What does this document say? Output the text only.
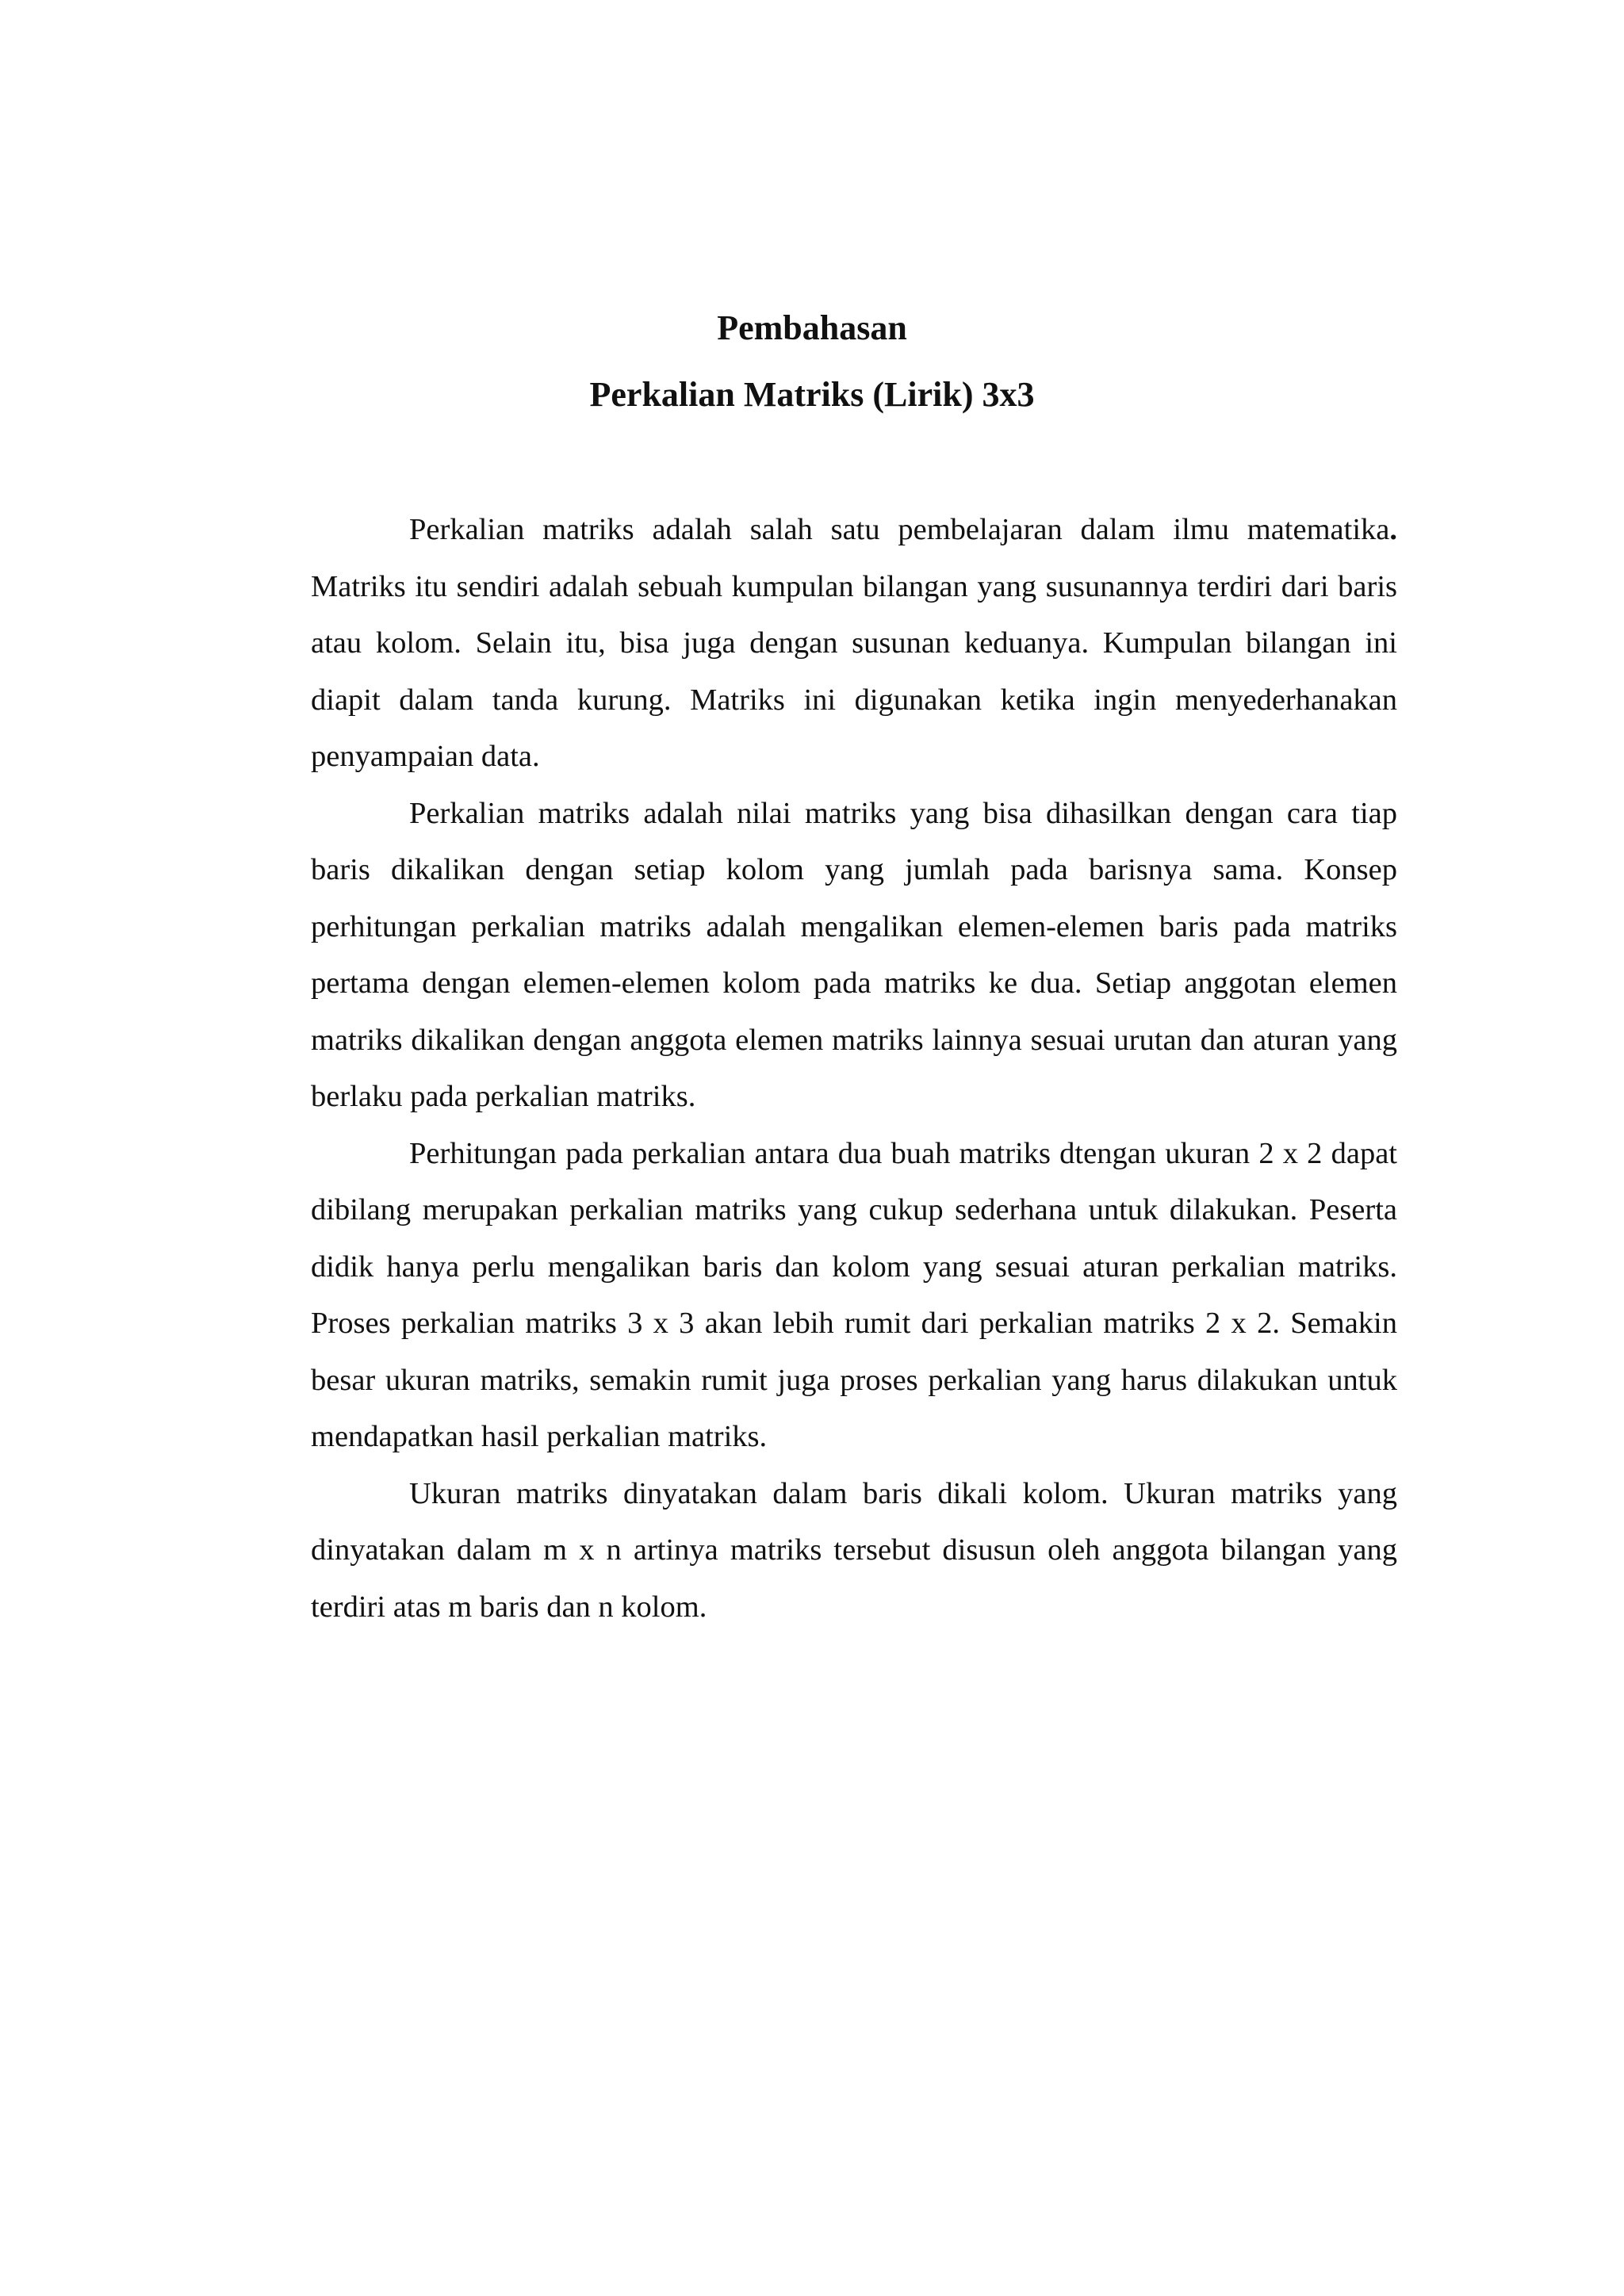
Pembahasan
Perkalian Matriks (Lirik) 3x3

Perkalian matriks adalah salah satu pembelajaran dalam ilmu matematika. Matriks itu sendiri adalah sebuah kumpulan bilangan yang susunannya terdiri dari baris atau kolom. Selain itu, bisa juga dengan susunan keduanya. Kumpulan bilangan ini diapit dalam tanda kurung. Matriks ini digunakan ketika ingin menyederhanakan penyampaian data.

Perkalian matriks adalah nilai matriks yang bisa dihasilkan dengan cara tiap baris dikalikan dengan setiap kolom yang jumlah pada barisnya sama. Konsep perhitungan perkalian matriks adalah mengalikan elemen-elemen baris pada matriks pertama dengan elemen-elemen kolom pada matriks ke dua. Setiap anggotan elemen matriks dikalikan dengan anggota elemen matriks lainnya sesuai urutan dan aturan yang berlaku pada perkalian matriks.

Perhitungan pada perkalian antara dua buah matriks dtengan ukuran 2 x 2 dapat dibilang merupakan perkalian matriks yang cukup sederhana untuk dilakukan. Peserta didik hanya perlu mengalikan baris dan kolom yang sesuai aturan perkalian matriks. Proses perkalian matriks 3 x 3 akan lebih rumit dari perkalian matriks 2 x 2. Semakin besar ukuran matriks, semakin rumit juga proses perkalian yang harus dilakukan untuk mendapatkan hasil perkalian matriks.

Ukuran matriks dinyatakan dalam baris dikali kolom. Ukuran matriks yang dinyatakan dalam m x n artinya matriks tersebut disusun oleh anggota bilangan yang terdiri atas m baris dan n kolom.
